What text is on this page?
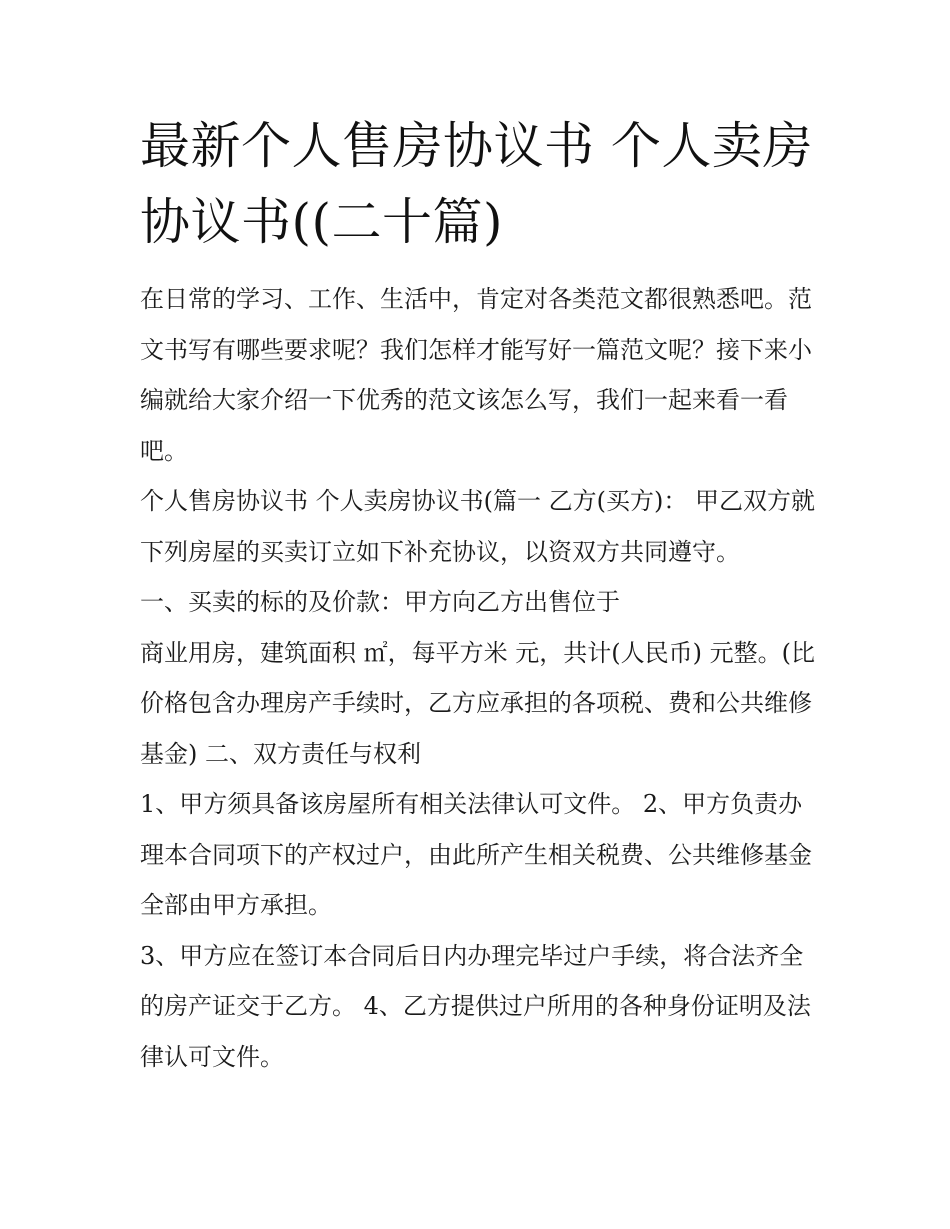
最新个人售房协议书 个人卖房协议书((二十篇)

在日常的学习、工作、生活中，肯定对各类范文都很熟悉吧。范文书写有哪些要求呢？我们怎样才能写好一篇范文呢？接下来小编就给大家介绍一下优秀的范文该怎么写，我们一起来看一看吧。

个人售房协议书 个人卖房协议书(篇一 乙方(买方)： 甲乙双方就下列房屋的买卖订立如下补充协议，以资双方共同遵守。

一、买卖的标的及价款：甲方向乙方出售位于

商业用房，建筑面积 ㎡，每平方米 元，共计(人民币) 元整。(比价格包含办理房产手续时，乙方应承担的各项税、费和公共维修基金) 二、双方责任与权利

1、甲方须具备该房屋所有相关法律认可文件。 2、甲方负责办理本合同项下的产权过户，由此所产生相关税费、公共维修基金全部由甲方承担。

3、甲方应在签订本合同后日内办理完毕过户手续，将合法齐全的房产证交于乙方。 4、乙方提供过户所用的各种身份证明及法律认可文件。
